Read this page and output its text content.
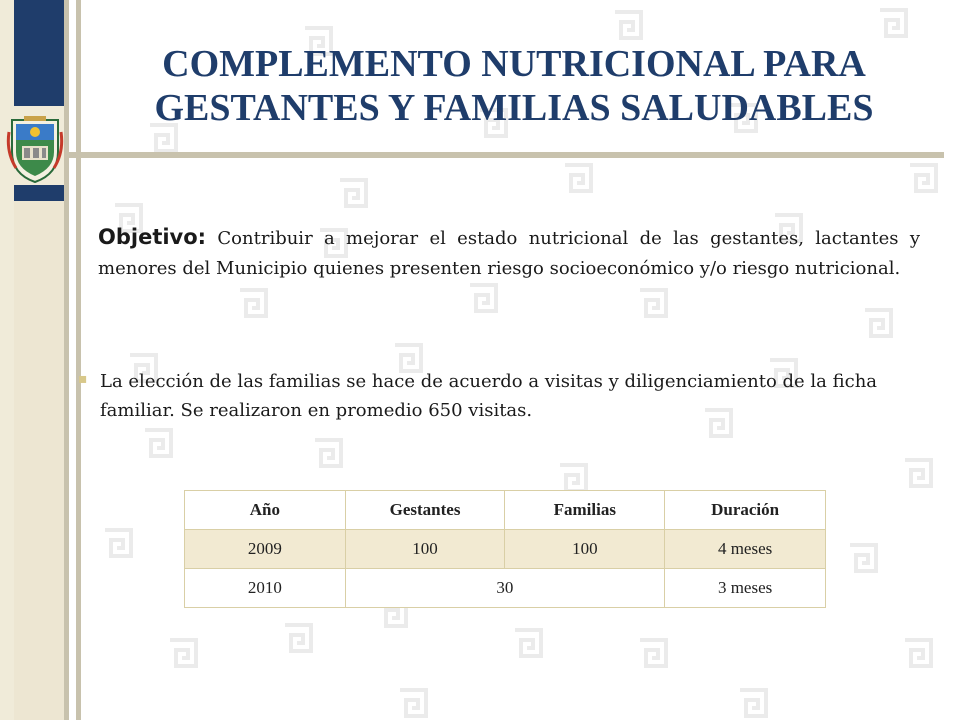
COMPLEMENTO NUTRICIONAL PARA
GESTANTES Y FAMILIAS SALUDABLES

Objetivo: Contribuir a mejorar el estado nutricional de las gestantes, lactantes y menores del Municipio quienes presenten riesgo socioeconómico y/o riesgo nutricional.

▪ La elección de las familias se hace de acuerdo a visitas y diligenciamiento de la ficha familiar. Se realizaron en promedio 650 visitas.
Año	Gestantes	Familias	Duración
2009	100	100	4 meses
2010	30		3 meses
